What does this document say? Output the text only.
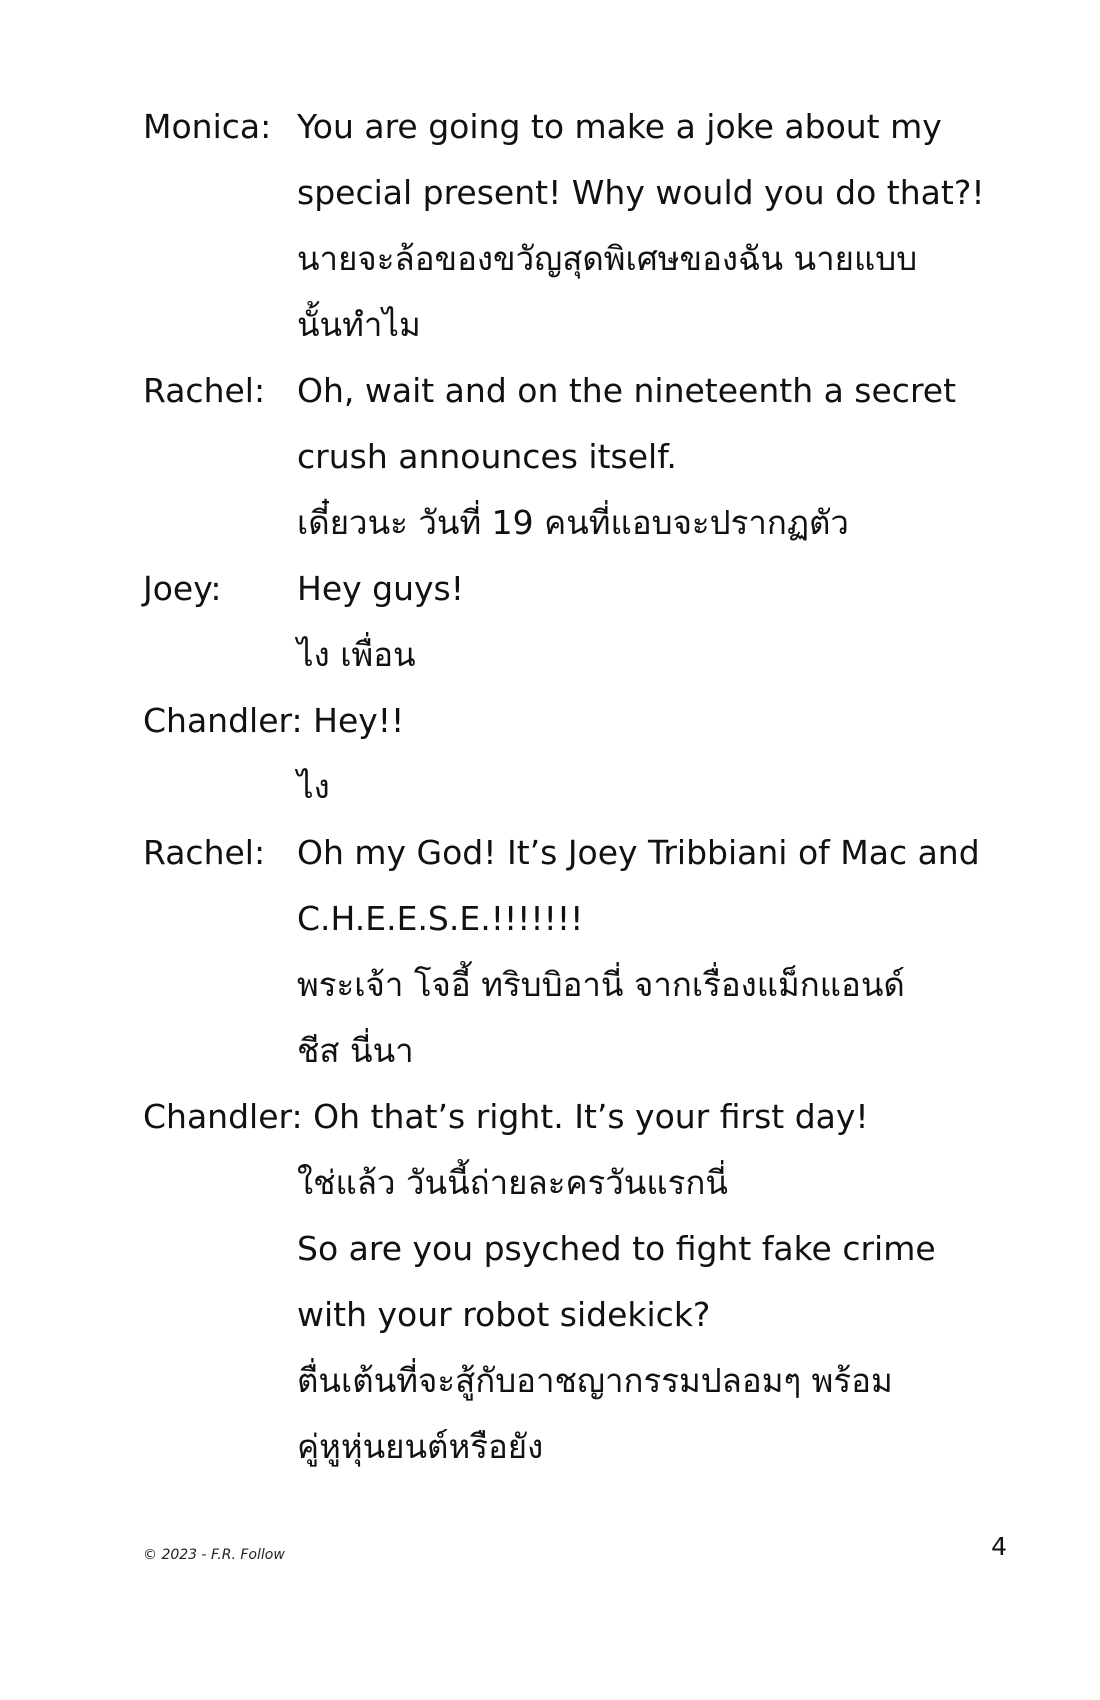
Monica: You are going to make a joke about my
special present! Why would you do that?!
นายจะล้อของขวัญสุดพิเศษของฉัน นายแบบ
นั้นทำไม
Rachel: Oh, wait and on the nineteenth a secret
crush announces itself.
เดี๋ยวนะ วันที่ 19 คนที่แอบจะปรากฏตัว
Joey:	Hey guys!
ไง เพื่อน
Chandler: Hey!!
ไง
Rachel: Oh my God! It’s Joey Tribbiani of Mac and
C.H.E.E.S.E.!!!!!!!
พระเจ้า โจอี้ ทริบบิอานี่ จากเรื่องแม็กแอนด์
ชีส นี่นา
Chandler: Oh that’s right. It’s your first day!
ใช่แล้ว วันนี้ถ่ายละครวันแรกนี่
So are you psyched to fight fake crime
with your robot sidekick?
ตื่นเต้นที่จะสู้กับอาชญากรรมปลอมๆ พร้อม
คู่หูหุ่นยนต์หรือยัง
© 2023 - F.R. Follow	4
